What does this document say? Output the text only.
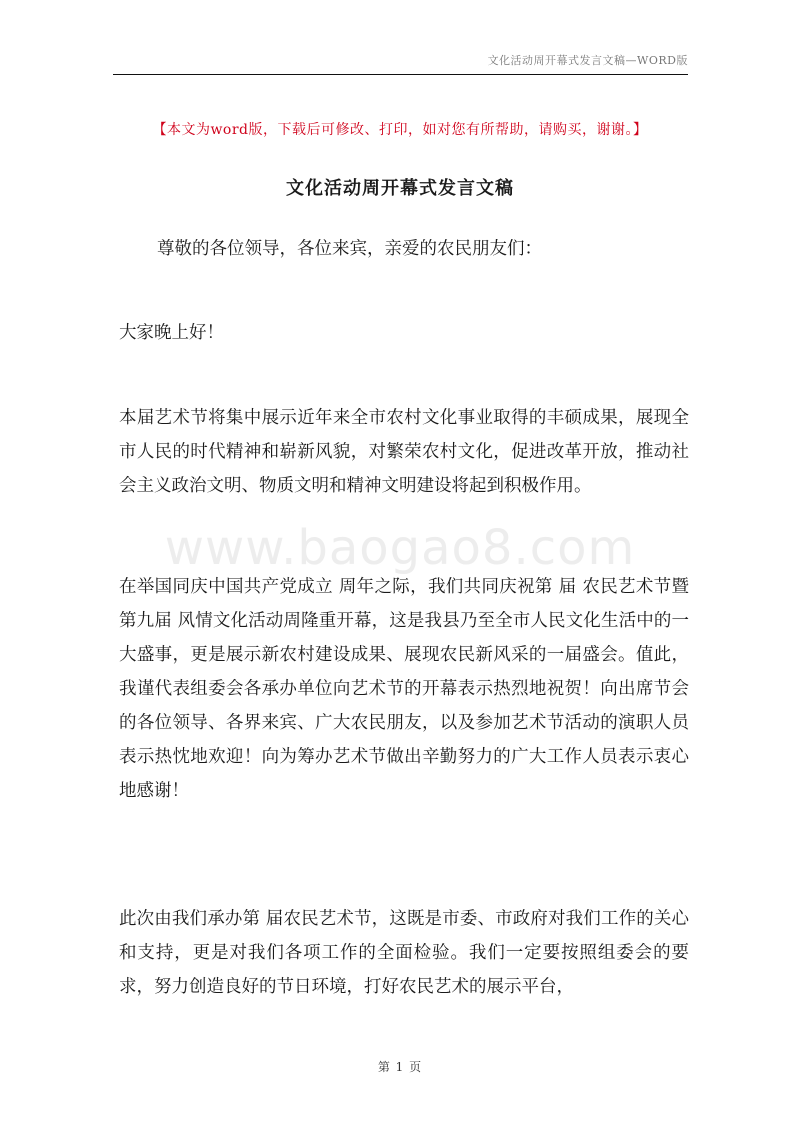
文化活动周开幕式发言文稿—WORD版
www.baogao8.com
【本文为word版，下载后可修改、打印，如对您有所帮助，请购买，谢谢。】
文化活动周开幕式发言文稿

尊敬的各位领导，各位来宾，亲爱的农民朋友们：

大家晚上好！

本届艺术节将集中展示近年来全市农村文化事业取得的丰硕成果，展现全市人民的时代精神和崭新风貌，对繁荣农村文化，促进改革开放，推动社会主义政治文明、物质文明和精神文明建设将起到积极作用。

在举国同庆中国共产党成立 周年之际，我们共同庆祝第 届 农民艺术节暨第九届 风情文化活动周隆重开幕，这是我县乃至全市人民文化生活中的一大盛事，更是展示新农村建设成果、展现农民新风采的一届盛会。值此，我谨代表组委会各承办单位向艺术节的开幕表示热烈地祝贺！向出席节会的各位领导、各界来宾、广大农民朋友，以及参加艺术节活动的演职人员表示热忱地欢迎！向为筹办艺术节做出辛勤努力的广大工作人员表示衷心地感谢！

此次由我们承办第 届农民艺术节，这既是市委、市政府对我们工作的关心和支持，更是对我们各项工作的全面检验。我们一定要按照组委会的要求，努力创造良好的节日环境，打好农民艺术的展示平台，

第 1 页
